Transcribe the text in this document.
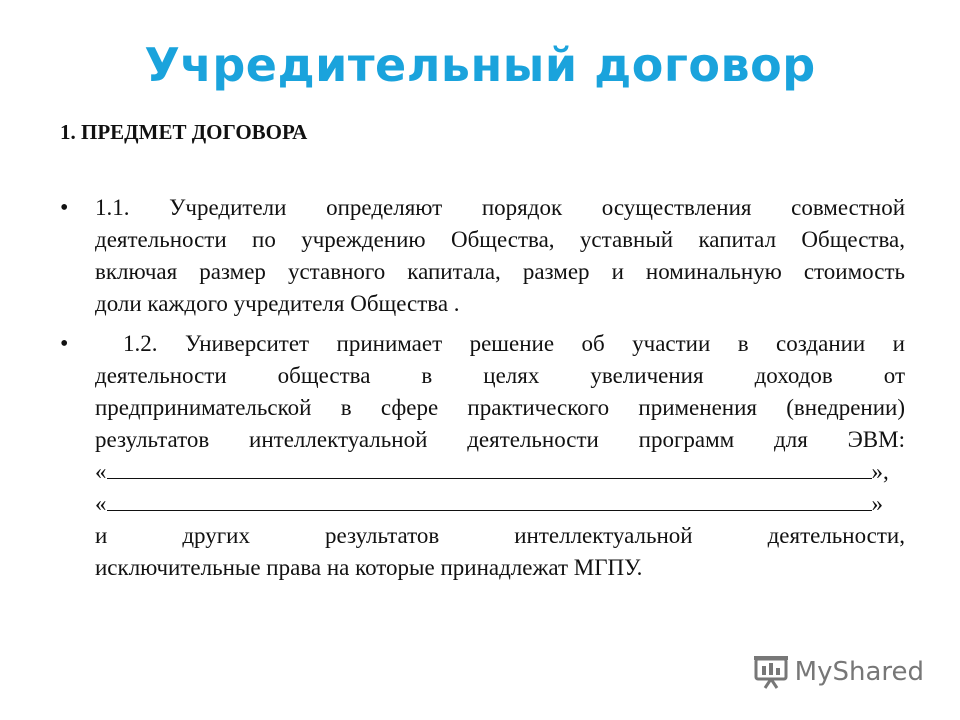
Учредительный договор
1. ПРЕДМЕТ ДОГОВОРА
• 1.1. Учредители определяют порядок осуществления совместной
деятельности по учреждению Общества, уставный капитал Общества,
включая размер уставного капитала, размер и номинальную стоимость
доли каждого учредителя Общества .
•	1.2. Университет принимает решение об участии в создании и
деятельности общества в целях увеличения доходов от
предпринимательской в сфере практического применения (внедрении)
результатов интеллектуальной деятельности программ для ЭВМ:
«	»,
«	»
и других результатов интеллектуальной деятельности,
исключительные права на которые принадлежат МГПУ.
MyShared
